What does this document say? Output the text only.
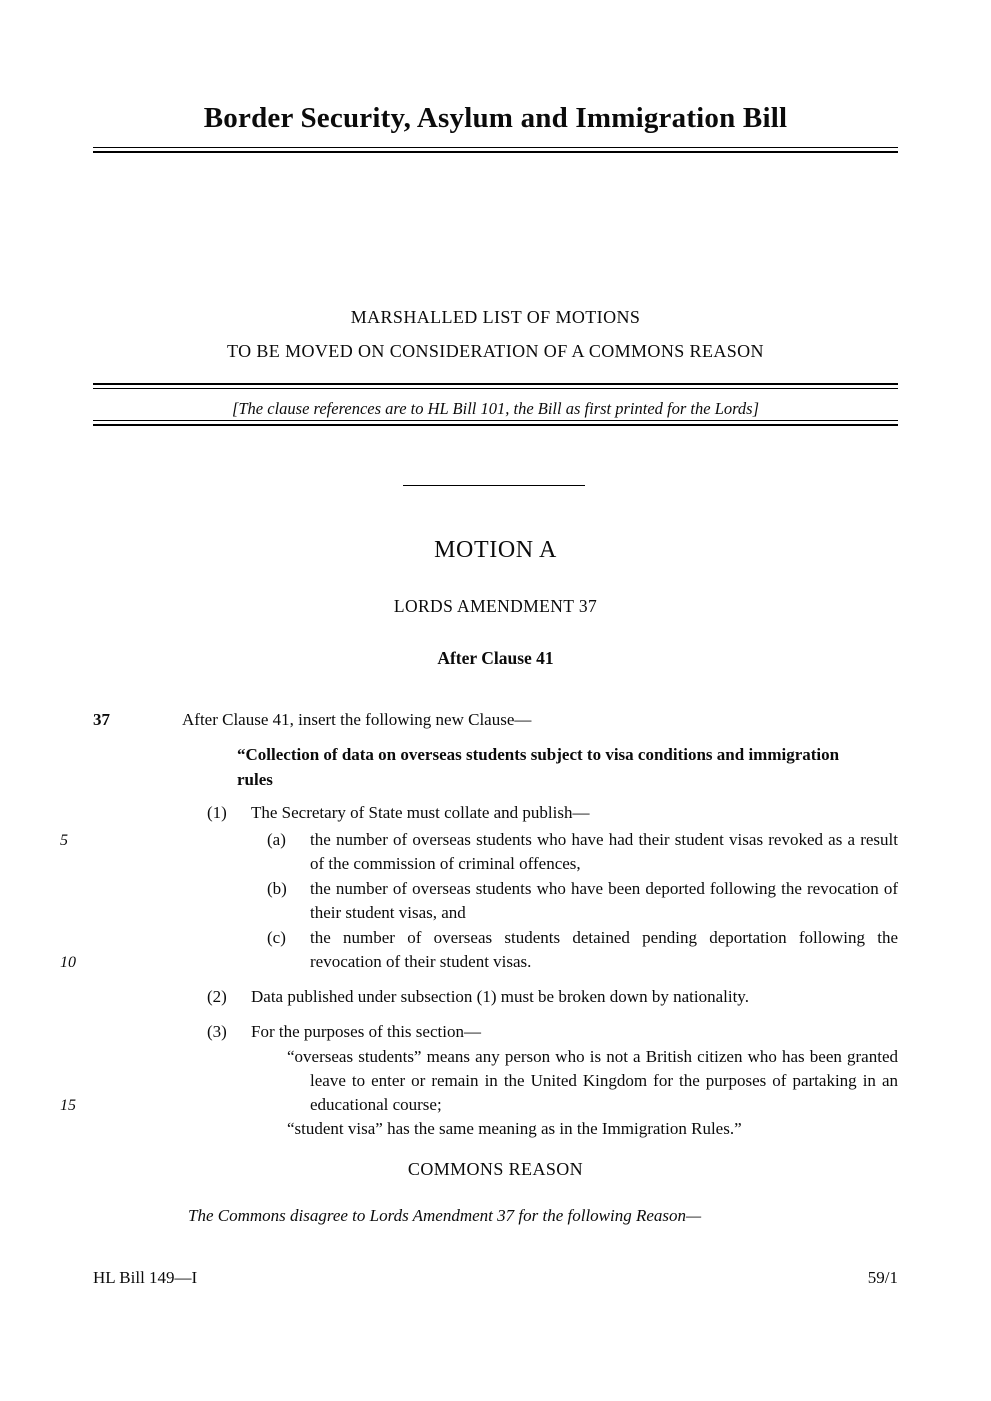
Border Security, Asylum and Immigration Bill
MARSHALLED LIST OF MOTIONS
TO BE MOVED ON CONSIDERATION OF A COMMONS REASON
[The clause references are to HL Bill 101, the Bill as first printed for the Lords]
MOTION A
LORDS AMENDMENT 37
After Clause 41
37	After Clause 41, insert the following new Clause—
“Collection of data on overseas students subject to visa conditions and immigration rules
(1)	The Secretary of State must collate and publish—
(a)	the number of overseas students who have had their student visas revoked as a result of the commission of criminal offences,
(b)	the number of overseas students who have been deported following the revocation of their student visas, and
(c)	the number of overseas students detained pending deportation following the revocation of their student visas.
(2)	Data published under subsection (1) must be broken down by nationality.
(3)	For the purposes of this section—
“overseas students” means any person who is not a British citizen who has been granted leave to enter or remain in the United Kingdom for the purposes of partaking in an educational course;
“student visa” has the same meaning as in the Immigration Rules.”
5
10
15
COMMONS REASON
The Commons disagree to Lords Amendment 37 for the following Reason—
HL Bill 149—I	59/1
